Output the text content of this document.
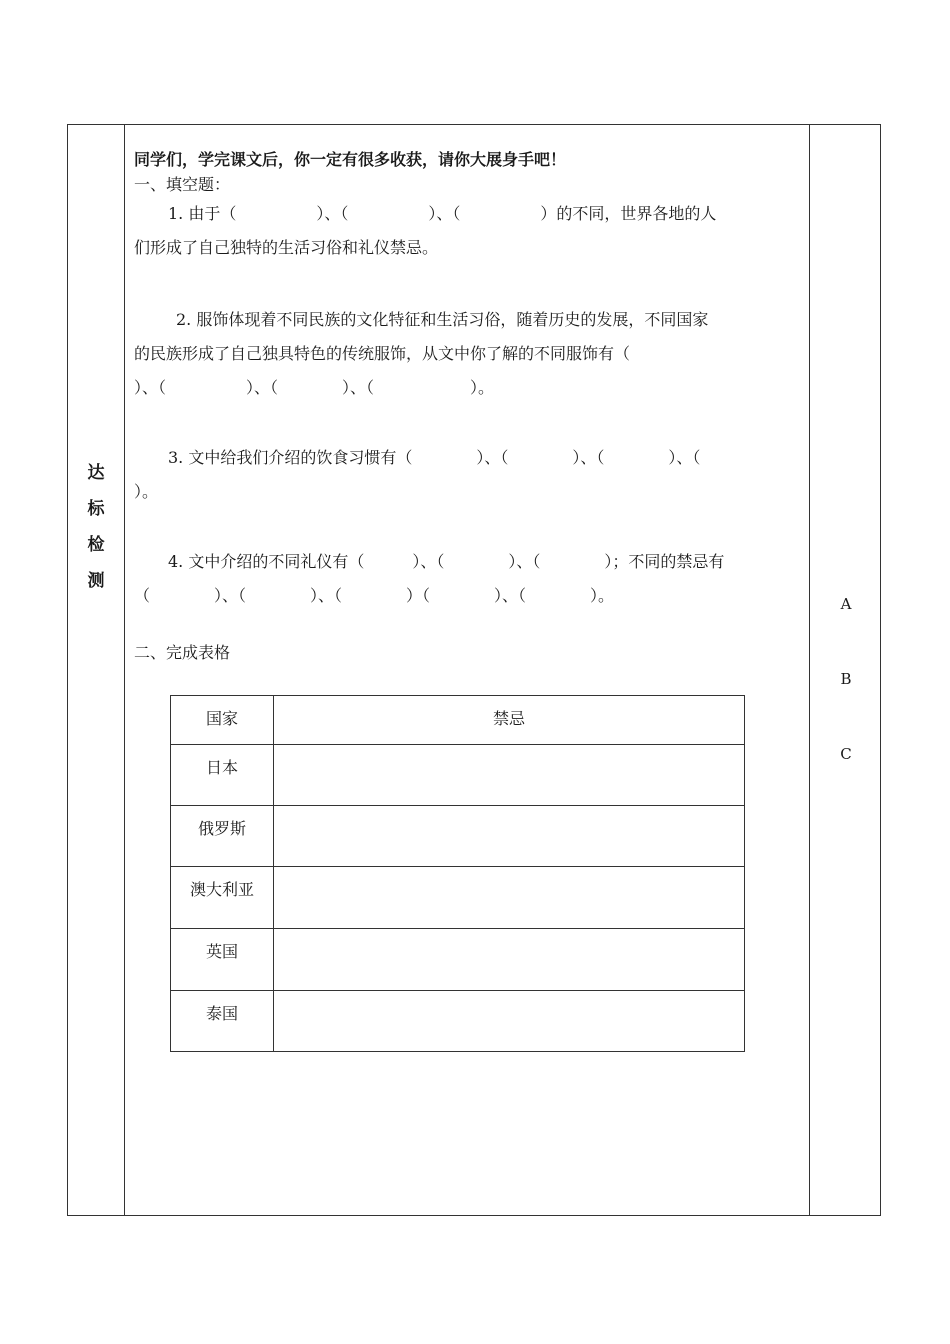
达
标
检
测
同学们，学完课文后，你一定有很多收获，请你大展身手吧！
一、填空题：
1. 由于（　　　　　）、（　　　　　）、（　　　　　）的不同，世界各地的人
们形成了自己独特的生活习俗和礼仪禁忌。
2. 服饰体现着不同民族的文化特征和生活习俗，随着历史的发展，不同国家
的民族形成了自己独具特色的传统服饰，从文中你了解的不同服饰有（
）、（　　　　　）、（　　　　）、（　　　　　　）。
3. 文中给我们介绍的饮食习惯有（　　　　）、（　　　　）、（　　　　）、（
）。
4. 文中介绍的不同礼仪有（　　　）、（　　　　）、（　　　　）；不同的禁忌有
（　　　　）、（　　　　）、（　　　　）（　　　　）、（　　　　）。
二、完成表格
国家	禁忌
日本	
俄罗斯	
澳大利亚	
英国	
泰国	
A
B
C
